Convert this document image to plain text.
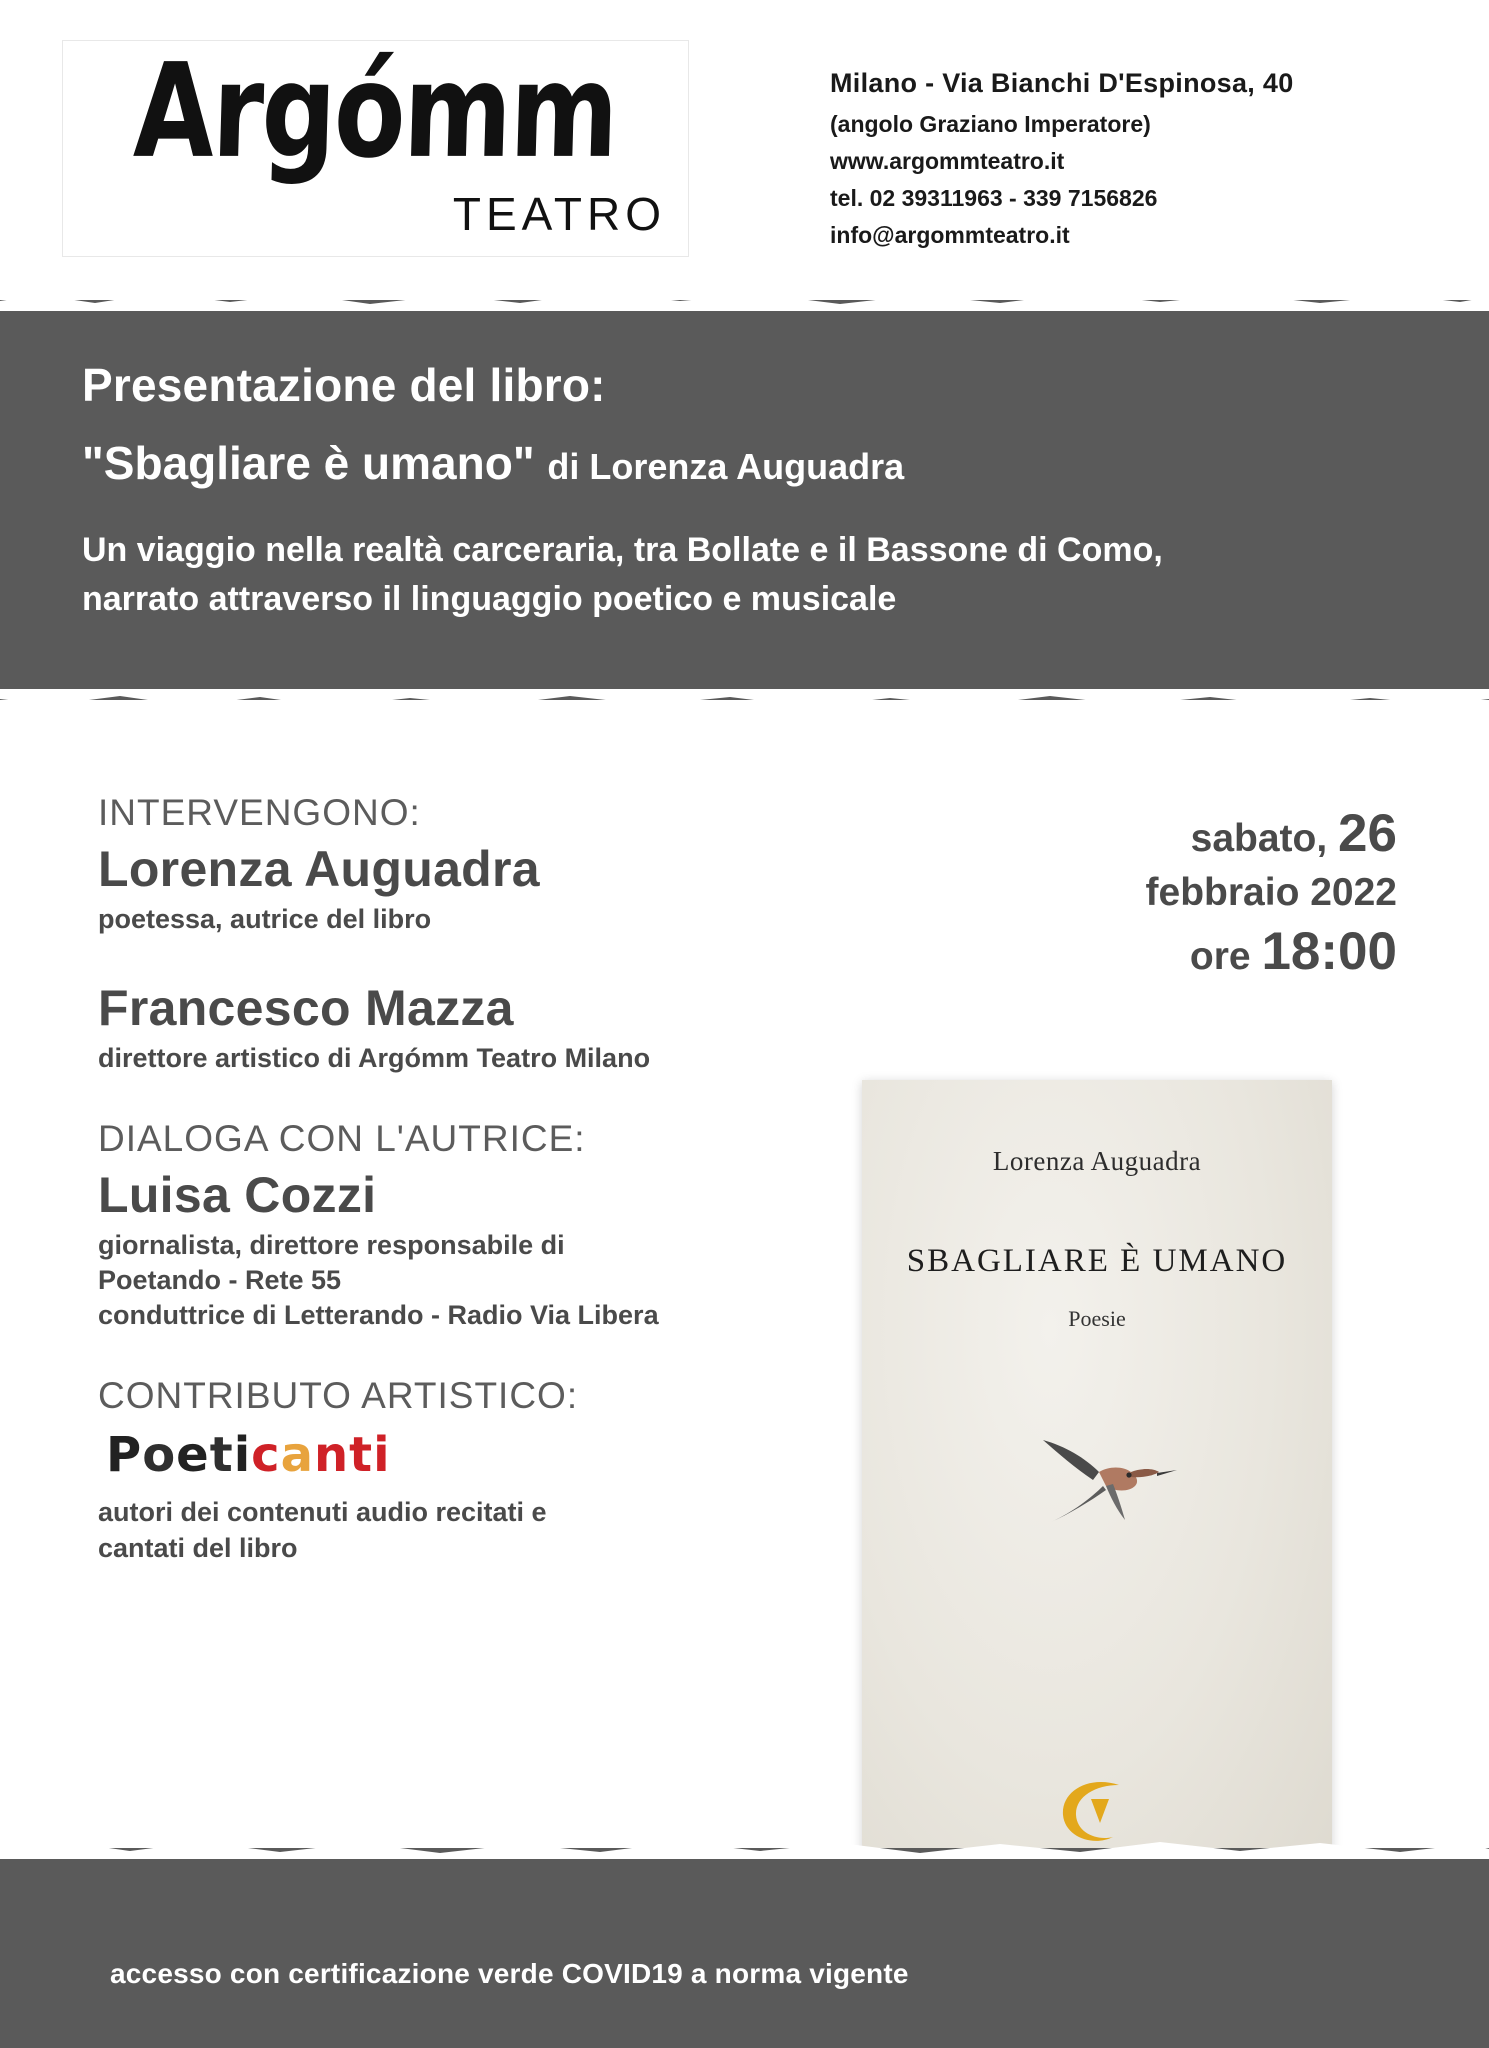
Argómm
TEATRO
Milano - Via Bianchi D'Espinosa, 40
(angolo Graziano Imperatore)
www.argommteatro.it
tel. 02 39311963 - 339 7156826
info@argommteatro.it
Presentazione del libro:
"Sbagliare è umano" di Lorenza Auguadra
Un viaggio nella realtà carceraria, tra Bollate e il Bassone di Como,
narrato attraverso il linguaggio poetico e musicale
sabato, 26
febbraio 2022
ore 18:00
INTERVENGONO:
Lorenza Auguadra
poetessa, autrice del libro
Francesco Mazza
direttore artistico di Argómm Teatro Milano
DIALOGA CON L'AUTRICE:
Luisa Cozzi
giornalista, direttore responsabile di
Poetando - Rete 55
conduttrice di Letterando - Radio Via Libera
CONTRIBUTO ARTISTICO:
Poeticanti
autori dei contenuti audio recitati e
cantati del libro
Lorenza Auguadra
SBAGLIARE È UMANO
Poesie
accesso con certificazione verde COVID19 a norma vigente
